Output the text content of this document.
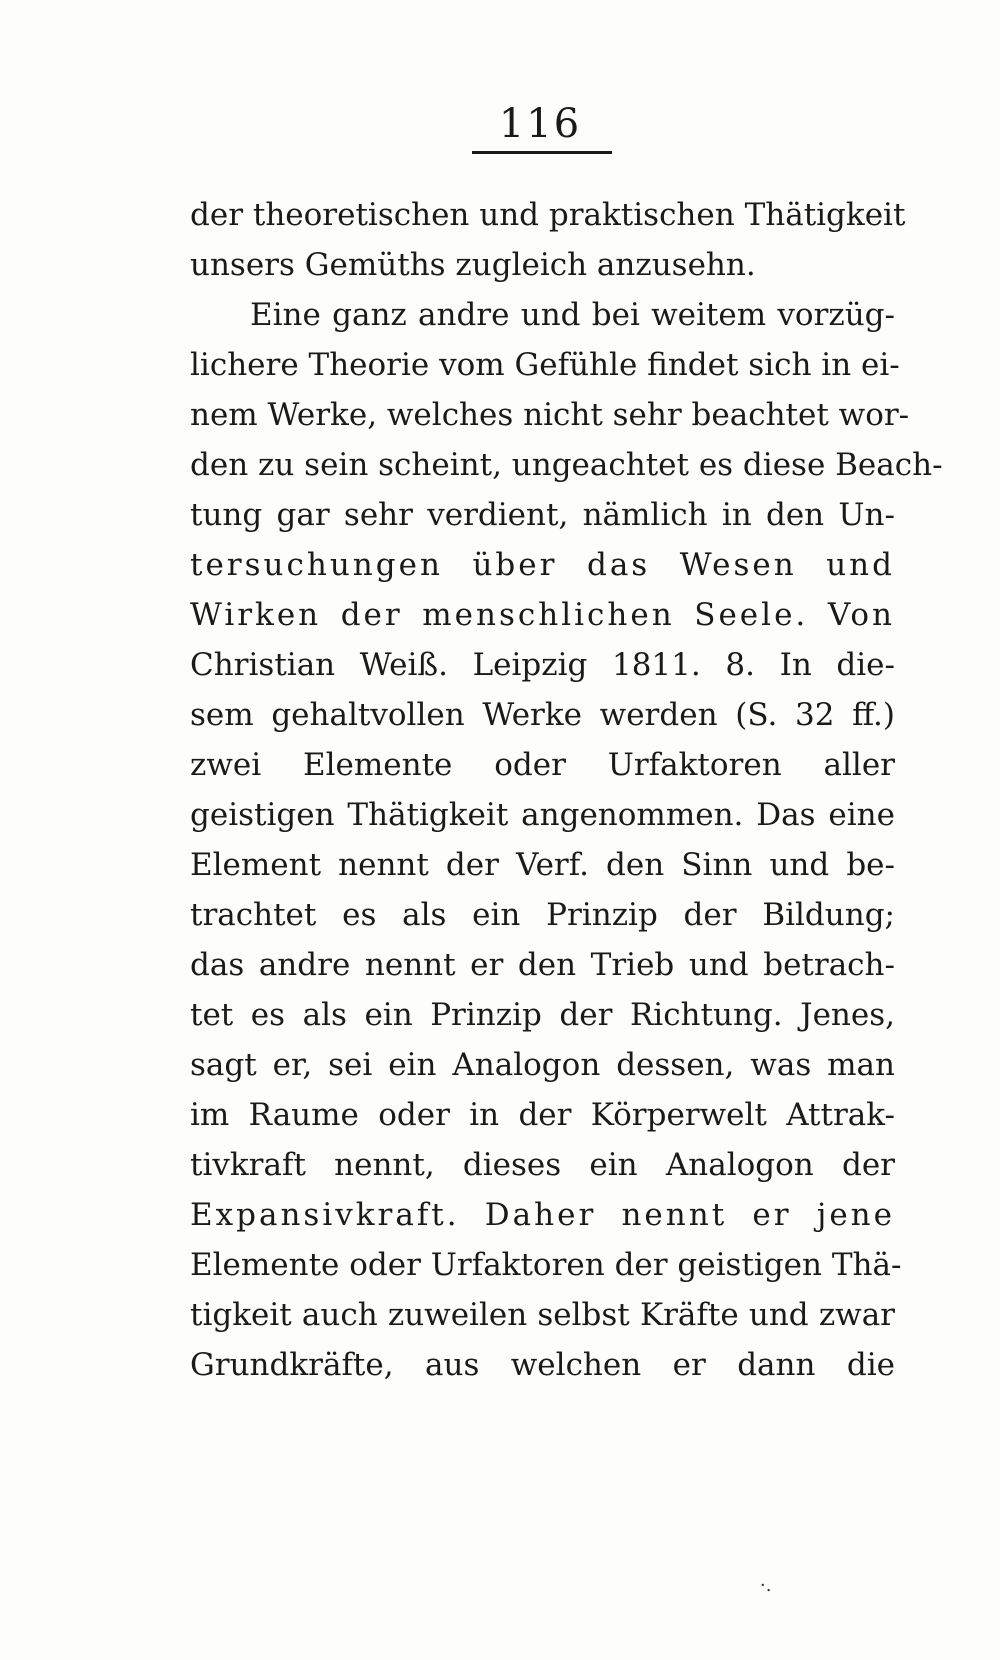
116
der theoretischen und praktischen Thätigkeit
unsers Gemüths zugleich anzusehn.
Eine ganz andre und bei weitem vorzüg-
lichere Theorie vom Gefühle findet sich in ei-
nem Werke, welches nicht sehr beachtet wor-
den zu sein scheint, ungeachtet es diese Beach-
tung gar sehr verdient, nämlich in den Un-
tersuchungen über das Wesen und
Wirken der menschlichen Seele. Von
Christian Weiß. Leipzig 1811. 8. In die-
sem gehaltvollen Werke werden (S. 32 ff.)
zwei Elemente oder Urfaktoren aller
geistigen Thätigkeit angenommen. Das eine
Element nennt der Verf. den Sinn und be-
trachtet es als ein Prinzip der Bildung;
das andre nennt er den Trieb und betrach-
tet es als ein Prinzip der Richtung. Jenes,
sagt er, sei ein Analogon dessen, was man
im Raume oder in der Körperwelt Attrak-
tivkraft nennt, dieses ein Analogon der
Expansivkraft. Daher nennt er jene
Elemente oder Urfaktoren der geistigen Thä-
tigkeit auch zuweilen selbst Kräfte und zwar
Grundkräfte, aus welchen er dann die
·.
